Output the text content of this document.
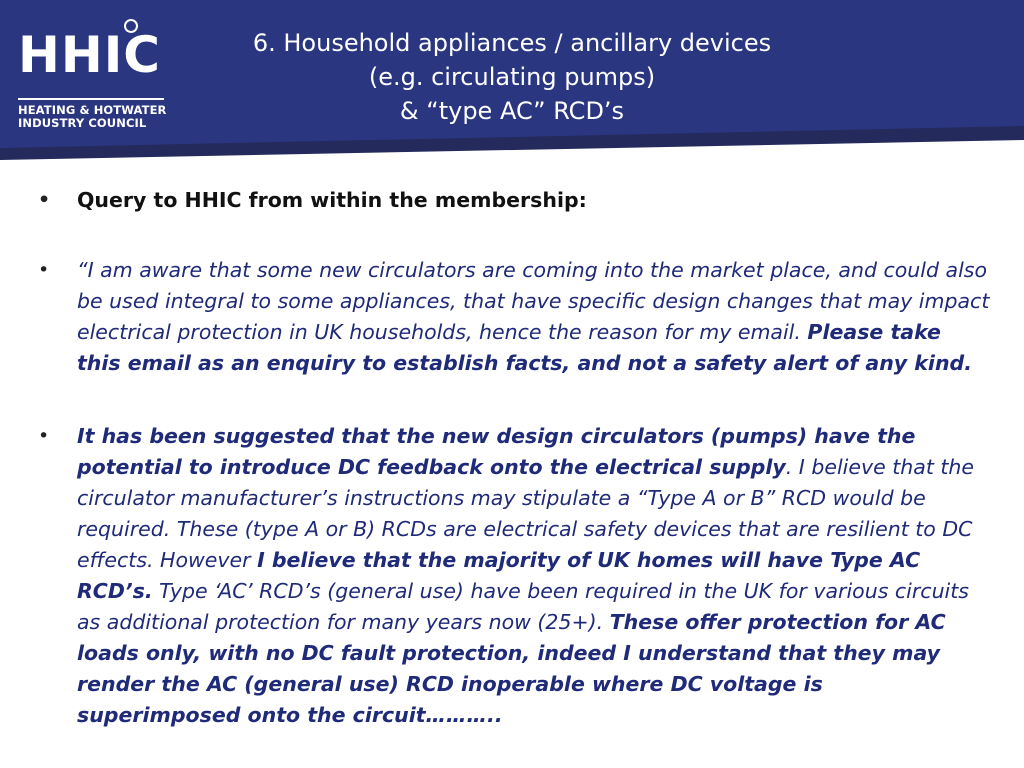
HHIC
HEATING & HOTWATER
INDUSTRY COUNCIL
6. Household appliances / ancillary devices
(e.g. circulating pumps)
& “type AC” RCD’s
• Query to HHIC from within the membership:
• “I am aware that some new circulators are coming into the market place, and could also be used integral to some appliances, that have specific design changes that may impact electrical protection in UK households, hence the reason for my email. Please take this email as an enquiry to establish facts, and not a safety alert of any kind.
• It has been suggested that the new design circulators (pumps) have the potential to introduce DC feedback onto the electrical supply. I believe that the circulator manufacturer’s instructions may stipulate a “Type A or B” RCD would be required. These (type A or B) RCDs are electrical safety devices that are resilient to DC effects. However I believe that the majority of UK homes will have Type AC RCD’s. Type ‘AC’ RCD’s (general use) have been required in the UK for various circuits as additional protection for many years now (25+). These offer protection for AC loads only, with no DC fault protection, indeed I understand that they may render the AC (general use) RCD inoperable where DC voltage is superimposed onto the circuit………..
